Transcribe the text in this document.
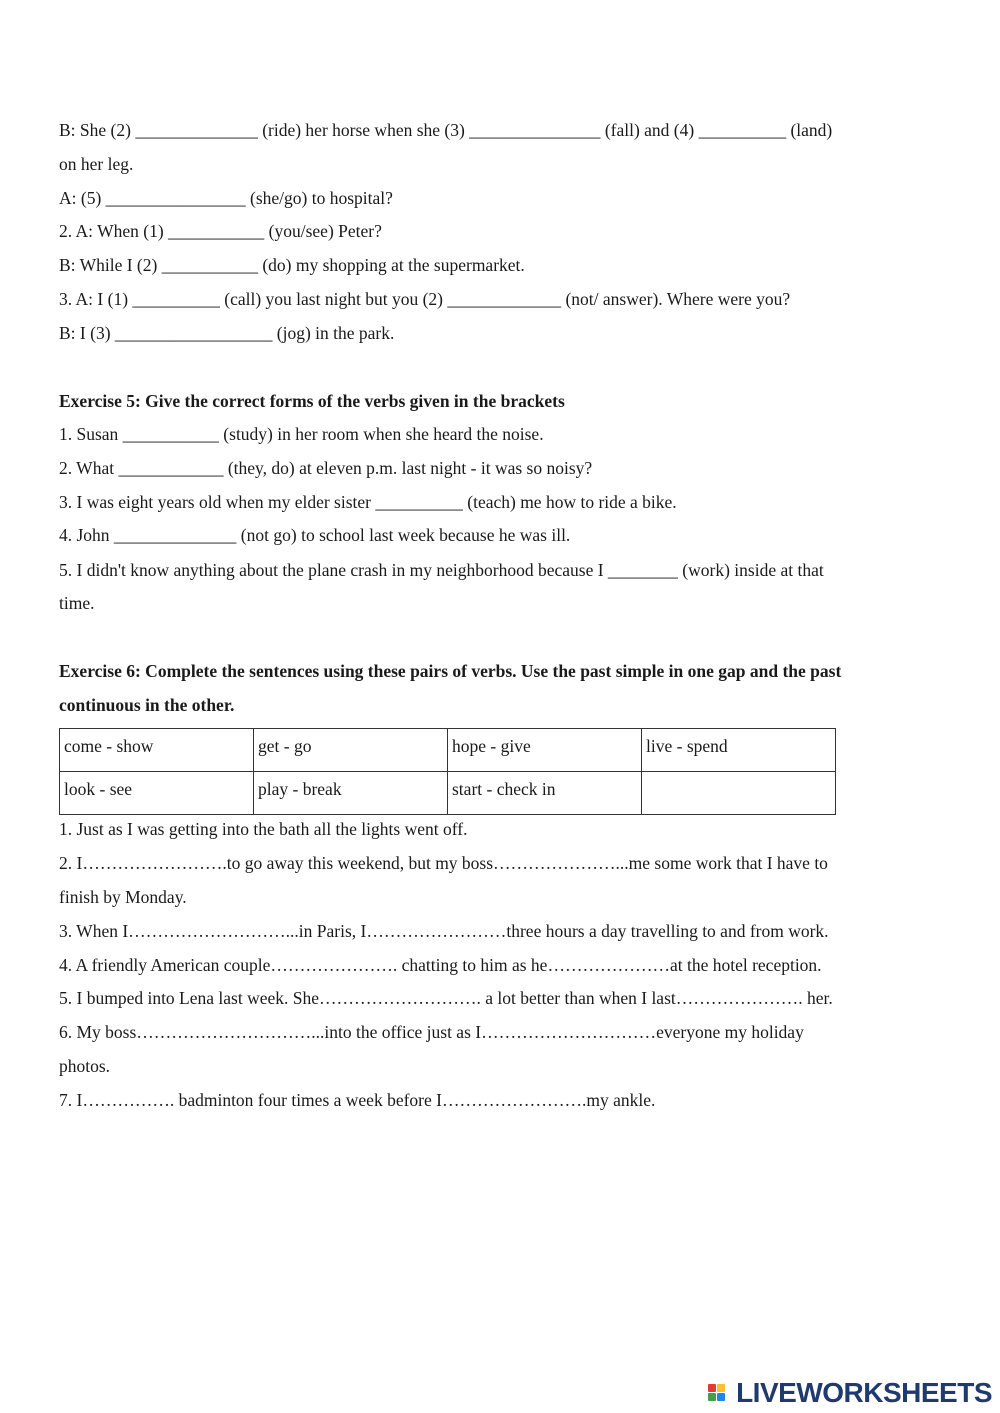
B: She (2) ______________ (ride) her horse when she (3) _______________ (fall) and (4) __________ (land)
on her leg.
A: (5) ________________ (she/go) to hospital?
2. A: When (1) ___________ (you/see) Peter?
B: While I (2) ___________ (do) my shopping at the supermarket.
3. A: I (1) __________ (call) you last night but you (2) _____________ (not/ answer). Where were you?
B: I (3) __________________ (jog) in the park.
Exercise 5: Give the correct forms of the verbs given in the brackets
1. Susan ___________ (study) in her room when she heard the noise.
2. What ____________ (they, do) at eleven p.m. last night - it was so noisy?
3. I was eight years old when my elder sister __________ (teach) me how to ride a bike.
4. John ______________ (not go) to school last week because he was ill.
5. I didn't know anything about the plane crash in my neighborhood because I ________ (work) inside at that
time.
Exercise 6: Complete the sentences using these pairs of verbs. Use the past simple in one gap and the past
continuous in the other.
come - show	get - go	hope - give	live - spend
look - see	play - break	start - check in	
1. Just as I was getting into the bath all the lights went off.
2. I…………………….to go away this weekend, but my boss…………………...me some work that I have to
finish by Monday.
3. When I………………………...in Paris, I……………………three hours a day travelling to and from work.
4. A friendly American couple…………………. chatting to him as he…………………at the hotel reception.
5. I bumped into Lena last week. She………………………. a lot better than when I last…………………. her.
6. My boss…………………………...into the office just as I…………………………everyone my holiday
photos.
7. I……………. badminton four times a week before I…………………….my ankle.
LIVEWORKSHEETS
